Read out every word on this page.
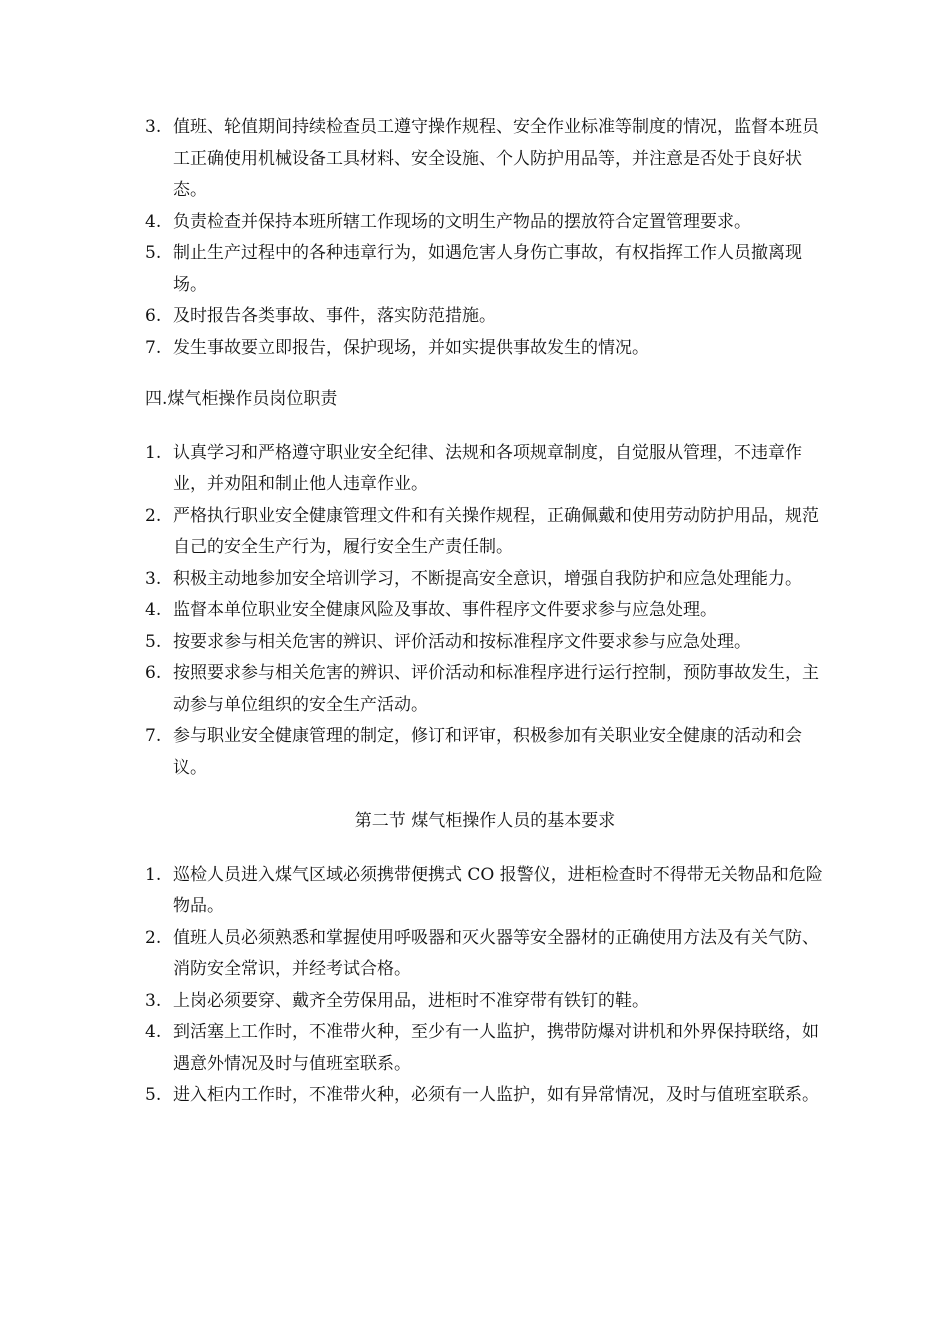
3. 值班、轮值期间持续检查员工遵守操作规程、安全作业标准等制度的情况，监督本班员工正确使用机械设备工具材料、安全设施、个人防护用品等，并注意是否处于良好状态。
4. 负责检查并保持本班所辖工作现场的文明生产物品的摆放符合定置管理要求。
5. 制止生产过程中的各种违章行为，如遇危害人身伤亡事故，有权指挥工作人员撤离现场。
6. 及时报告各类事故、事件，落实防范措施。
7. 发生事故要立即报告，保护现场，并如实提供事故发生的情况。
四.煤气柜操作员岗位职责
1. 认真学习和严格遵守职业安全纪律、法规和各项规章制度，自觉服从管理，不违章作业，并劝阻和制止他人违章作业。
2. 严格执行职业安全健康管理文件和有关操作规程，正确佩戴和使用劳动防护用品，规范自己的安全生产行为，履行安全生产责任制。
3. 积极主动地参加安全培训学习，不断提高安全意识，增强自我防护和应急处理能力。
4. 监督本单位职业安全健康风险及事故、事件程序文件要求参与应急处理。
5. 按要求参与相关危害的辨识、评价活动和按标准程序文件要求参与应急处理。
6. 按照要求参与相关危害的辨识、评价活动和标准程序进行运行控制，预防事故发生，主动参与单位组织的安全生产活动。
7. 参与职业安全健康管理的制定，修订和评审，积极参加有关职业安全健康的活动和会议。
第二节 煤气柜操作人员的基本要求
1. 巡检人员进入煤气区域必须携带便携式 CO 报警仪，进柜检查时不得带无关物品和危险物品。
2. 值班人员必须熟悉和掌握使用呼吸器和灭火器等安全器材的正确使用方法及有关气防、消防安全常识，并经考试合格。
3. 上岗必须要穿、戴齐全劳保用品，进柜时不准穿带有铁钉的鞋。
4. 到活塞上工作时，不准带火种，至少有一人监护，携带防爆对讲机和外界保持联络，如遇意外情况及时与值班室联系。
5. 进入柜内工作时，不准带火种，必须有一人监护，如有异常情况，及时与值班室联系。
